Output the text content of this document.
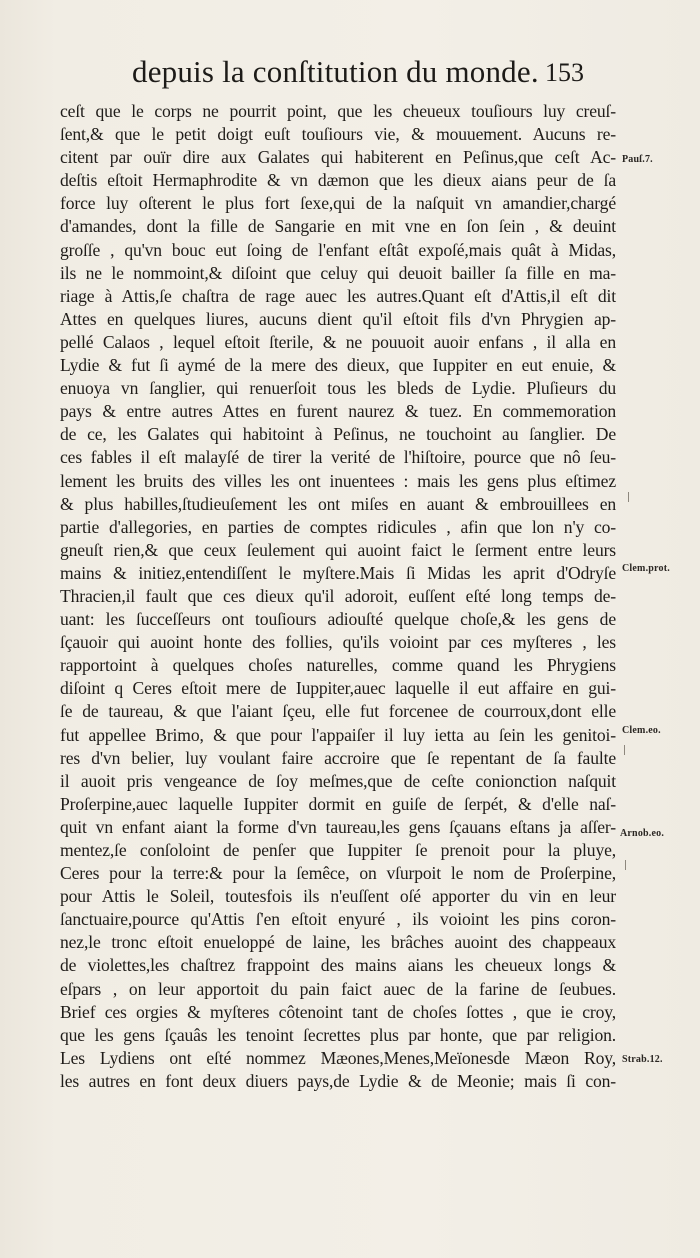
depuis la conſtitution du monde. 153
ceſt que le corps ne pourrit point, que les cheueux touſiours luy creuſ-
ſent,& que le petit doigt euſt touſiours vie, & mouuement. Aucuns re-
citent par ouïr dire aux Galates qui habiterent en Peſinus,que ceſt Ac-
deſtis eſtoit Hermaphrodite & vn dæmon que les dieux aians peur de ſa
force luy oſterent le plus fort ſexe,qui de la naſquit vn amandier,chargé
d'amandes, dont la fille de Sangarie en mit vne en ſon ſein , & deuint
groſſe , qu'vn bouc eut ſoing de l'enfant eſtât expoſé,mais quât à Midas,
ils ne le nommoint,& diſoint que celuy qui deuoit bailler ſa fille en ma-
riage à Attis,ſe chaſtra de rage auec les autres.Quant eſt d'Attis,il eſt dit
Attes en quelques liures, aucuns dient qu'il eſtoit fils d'vn Phrygien ap-
pellé Calaos , lequel eſtoit ſterile, & ne pouuoit auoir enfans , il alla en
Lydie & fut ſi aymé de la mere des dieux, que Iuppiter en eut enuie, &
enuoya vn ſanglier, qui renuerſoit tous les bleds de Lydie. Pluſieurs du
pays & entre autres Attes en furent naurez & tuez. En commemoration
de ce, les Galates qui habitoint à Peſinus, ne touchoint au ſanglier. De
ces fables il eſt malayſé de tirer la verité de l'hiſtoire, pource que nô ſeu-
lement les bruits des villes les ont inuentees : mais les gens plus eſtimez
& plus habilles,ſtudieuſement les ont miſes en auant & embrouillees en
partie d'allegories, en parties de comptes ridicules , afin que lon n'y co-
gneuſt rien,& que ceux ſeulement qui auoint faict le ſerment entre leurs
mains & initiez,entendiſſent le myſtere.Mais ſi Midas les aprit d'Odryſe
Thracien,il fault que ces dieux qu'il adoroit, euſſent eſté long temps de-
uant: les ſucceſſeurs ont touſiours adiouſté quelque choſe,& les gens de
ſçauoir qui auoint honte des follies, qu'ils voioint par ces myſteres , les
rapportoint à quelques choſes naturelles, comme quand les Phrygiens
diſoint q Ceres eſtoit mere de Iuppiter,auec laquelle il eut affaire en gui-
ſe de taureau, & que l'aiant ſçeu, elle fut forcenee de courroux,dont elle
fut appellee Brimo, & que pour l'appaiſer il luy ietta au ſein les genitoi-
res d'vn belier, luy voulant faire accroire que ſe repentant de ſa faulte
il auoit pris vengeance de ſoy meſmes,que de ceſte conionction naſquit
Proſerpine,auec laquelle Iuppiter dormit en guiſe de ſerpét, & d'elle naſ-
quit vn enfant aiant la forme d'vn taureau,les gens ſçauans eſtans ja aſſer-
mentez,ſe conſoloint de penſer que Iuppiter ſe prenoit pour la pluye,
Ceres pour la terre:& pour la ſemêce, on vſurpoit le nom de Proſerpine,
pour Attis le Soleil, toutesfois ils n'euſſent oſé apporter du vin en leur
ſanctuaire,pource qu'Attis ſ'en eſtoit enyuré , ils voioint les pins coron-
nez,le tronc eſtoit enueloppé de laine, les brâches auoint des chappeaux
de violettes,les chaſtrez frappoint des mains aians les cheueux longs &
eſpars , on leur apportoit du pain faict auec de la farine de ſeubues.
Brief ces orgies & myſteres côtenoint tant de choſes ſottes , que ie croy,
que les gens ſçauâs les tenoint ſecrettes plus par honte, que par religion.
Les Lydiens ont eſté nommez Mæones,Menes,Meïonesde Mæon Roy,
les autres en font deux diuers pays,de Lydie & de Meonie; mais ſi con-
Pauſ.7.
Clem.prot.
Clem.eo.
Arnob.eo.
Strab.12.
